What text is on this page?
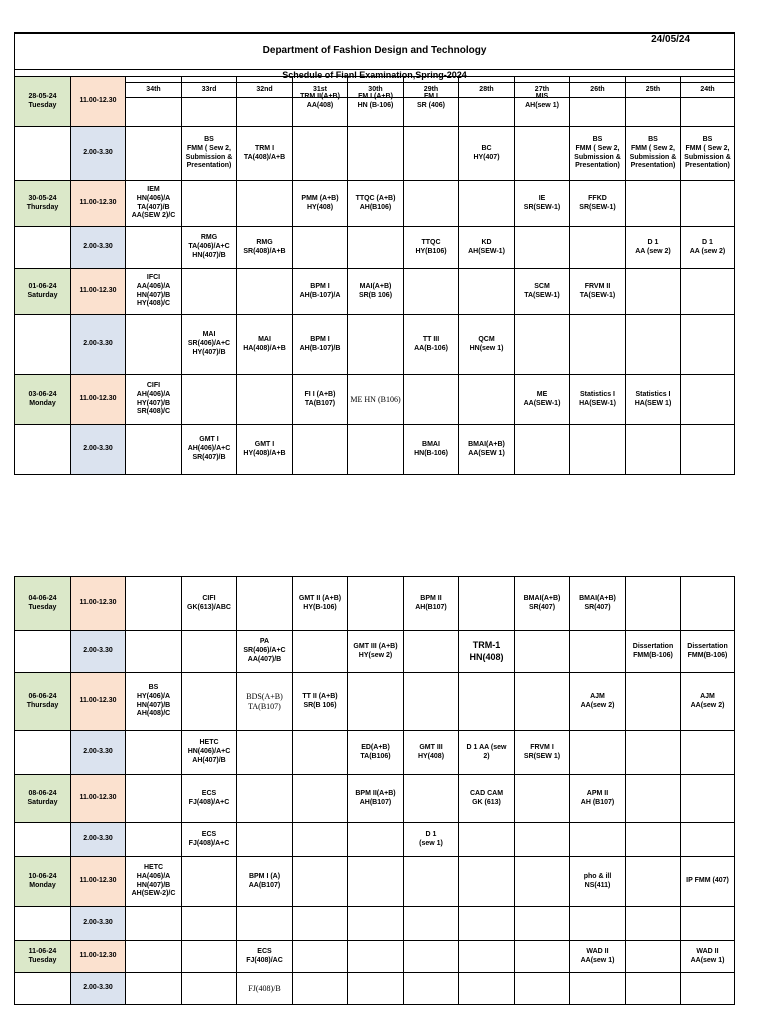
Department of Fashion Design and Technology

24/05/24

Schedule of Fianl Examination,Spring-2024
		34th	33rd	32nd	31st	30th	29th	28th	27th	26th	25th	24th
28-05-24
Tuesday	11.00-12.30				TRM II(A+B)
AA(408)	FM I (A+B)
HN (B-106)	FM I
SR (406)		MIS
AH(sew 1)			
	2.00-3.30		BS
FMM ( Sew 2,
Submission &
Presentation)	TRM I
TA(408)/A+B				BC
HY(407)		BS
FMM ( Sew 2,
Submission &
Presentation)	BS
FMM ( Sew 2,
Submission &
Presentation)	BS
FMM ( Sew 2,
Submission &
Presentation)
30-05-24
Thursday	11.00-12.30	IEM
HN(406)/A
TA(407)/B
AA(SEW 2)/C			PMM (A+B)
HY(408)	TTQC (A+B)
AH(B106)			IE
SR(SEW-1)	FFKD
SR(SEW-1)		
	2.00-3.30		RMG
TA(406)/A+C
HN(407)/B	RMG
SR(408)/A+B			TTQC
HY(B106)	KD
AH(SEW-1)			D 1
AA (sew 2)	D 1
AA (sew 2)
01-06-24
Saturday	11.00-12.30	IFCI
AA(406)/A
HN(407)/B
HY(408)/C			BPM I
AH(B-107)/A	MAI(A+B)
SR(B 106)			SCM
TA(SEW-1)	FRVM II
TA(SEW-1)		
	2.00-3.30		MAI
SR(406)/A+C
HY(407)/B	MAI
HA(408)/A+B	BPM I
AH(B-107)/B		TT III
AA(B-106)	QCM
HN(sew 1)				
03-06-24
Monday	11.00-12.30	CIFI
AH(406)/A
HY(407)/B
SR(408)/C			FI I (A+B)
TA(B107)	ME HN (B106)			ME
AA(SEW-1)	Statistics I
HA(SEW-1)	Statistics I
HA(SEW 1)	
	2.00-3.30		GMT I
AH(406)/A+C
SR(407)/B	GMT I
HY(408)/A+B			BMAI
HN(B-106)	BMAI(A+B)
AA(SEW 1)				
04-06-24
Tuesday	11.00-12.30		CIFI
GK(613)/ABC		GMT II (A+B)
HY(B-106)		BPM II
AH(B107)		BMAI(A+B)
SR(407)	BMAI(A+B)
SR(407)		
	2.00-3.30			PA
SR(406)/A+C
AA(407)/B		GMT III (A+B)
HY(sew 2)		TRM-1
HN(408)			Dissertation
FMM(B-106)	Dissertation
FMM(B-106)
06-06-24
Thursday	11.00-12.30	BS
HY(406)/A
HN(407)/B
AH(408)/C		BDS(A+B)
TA(B107)	TT II (A+B)
SR(B 106)					AJM
AA(sew 2)		AJM
AA(sew 2)
	2.00-3.30		HETC
HN(406)/A+C
AH(407)/B			ED(A+B)
TA(B106)	GMT III
HY(408)	D 1 AA (sew
2)	FRVM I
SR(SEW 1)			
08-06-24
Saturday	11.00-12.30		ECS
FJ(408)/A+C			BPM II(A+B)
AH(B107)		CAD CAM
GK (613)		APM II
AH (B107)		
	2.00-3.30		ECS
FJ(408)/A+C				D 1
(sew 1)					
10-06-24
Monday	11.00-12.30	HETC
HA(406)/A
HN(407)/B
AH(SEW-2)/C		BPM I (A)
AA(B107)						pho & ill
NS(411)		IP FMM (407)
	2.00-3.30											
11-06-24
Tuesday	11.00-12.30			ECS
FJ(408)/AC						WAD II
AA(sew 1)		WAD II
AA(sew 1)
	2.00-3.30			FJ(408)/B								
